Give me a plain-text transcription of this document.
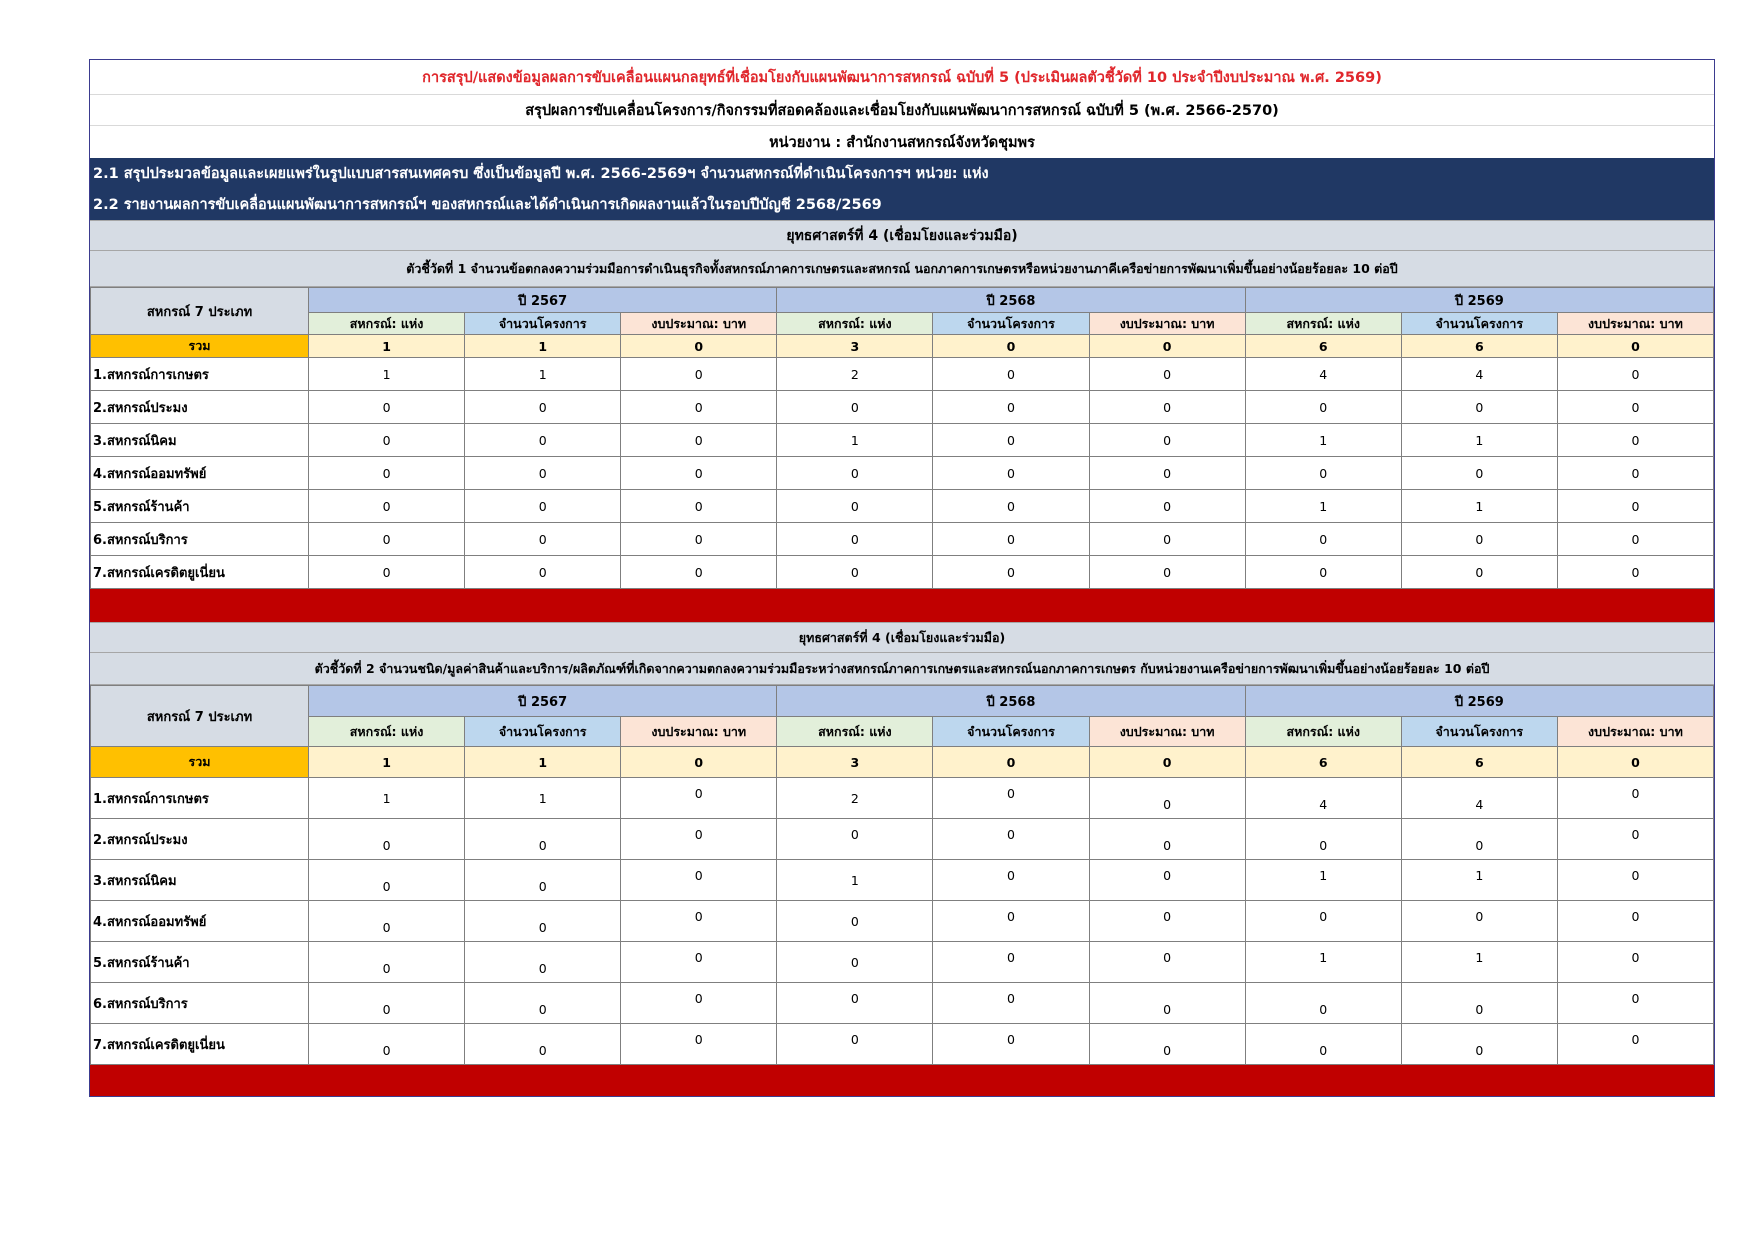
การสรุป/แสดงข้อมูลผลการขับเคลื่อนแผนกลยุทธ์ที่เชื่อมโยงกับแผนพัฒนาการสหกรณ์ ฉบับที่ 5 (ประเมินผลตัวชี้วัดที่ 10 ประจำปีงบประมาณ พ.ศ. 2569)
สรุปผลการขับเคลื่อนโครงการ/กิจกรรมที่สอดคล้องและเชื่อมโยงกับแผนพัฒนาการสหกรณ์ ฉบับที่ 5 (พ.ศ. 2566-2570)
หน่วยงาน : สำนักงานสหกรณ์จังหวัดชุมพร
2.1 สรุปประมวลข้อมูลและเผยแพร่ในรูปแบบสารสนเทศครบ ซึ่งเป็นข้อมูลปี พ.ศ. 2566-2569ฯ จำนวนสหกรณ์ที่ดำเนินโครงการฯ หน่วย: แห่ง
2.2 รายงานผลการขับเคลื่อนแผนพัฒนาการสหกรณ์ฯ ของสหกรณ์และได้ดำเนินการเกิดผลงานแล้วในรอบปีบัญชี 2568/2569
ยุทธศาสตร์ที่ 4 (เชื่อมโยงและร่วมมือ)
ตัวชี้วัดที่ 1 จำนวนข้อตกลงความร่วมมือการดำเนินธุรกิจทั้งสหกรณ์ภาคการเกษตรและสหกรณ์ นอกภาคการเกษตรหรือหน่วยงานภาคีเครือข่ายการพัฒนาเพิ่มขึ้นอย่างน้อยร้อยละ 10 ต่อปี
สหกรณ์ 7 ประเภท	ปี 2567			ปี 2568			ปี 2569		
	สหกรณ์: แห่ง	จำนวนโครงการ	งบประมาณ: บาท	สหกรณ์: แห่ง	จำนวนโครงการ	งบประมาณ: บาท	สหกรณ์: แห่ง	จำนวนโครงการ	งบประมาณ: บาท
รวม	1	1	0	3	0	0	6	6	0
1.สหกรณ์การเกษตร	1	1	0	2	0	0	4	4	0
2.สหกรณ์ประมง	0	0	0	0	0	0	0	0	0
3.สหกรณ์นิคม	0	0	0	1	0	0	1	1	0
4.สหกรณ์ออมทรัพย์	0	0	0	0	0	0	0	0	0
5.สหกรณ์ร้านค้า	0	0	0	0	0	0	1	1	0
6.สหกรณ์บริการ	0	0	0	0	0	0	0	0	0
7.สหกรณ์เครดิตยูเนี่ยน	0	0	0	0	0	0	0	0	0
ยุทธศาสตร์ที่ 4 (เชื่อมโยงและร่วมมือ)
ตัวชี้วัดที่ 2 จำนวนชนิด/มูลค่าสินค้าและบริการ/ผลิตภัณฑ์ที่เกิดจากความตกลงความร่วมมือระหว่างสหกรณ์ภาคการเกษตรและสหกรณ์นอกภาคการเกษตร กับหน่วยงานเครือข่ายการพัฒนาเพิ่มขึ้นอย่างน้อยร้อยละ 10 ต่อปี
สหกรณ์ 7 ประเภท	ปี 2567			ปี 2568			ปี 2569		
	สหกรณ์: แห่ง	จำนวนโครงการ	งบประมาณ: บาท	สหกรณ์: แห่ง	จำนวนโครงการ	งบประมาณ: บาท	สหกรณ์: แห่ง	จำนวนโครงการ	งบประมาณ: บาท
รวม	1	1	0	3	0	0	6	6	0
1.สหกรณ์การเกษตร	1	1	0	2	0	0	4	4	0
2.สหกรณ์ประมง	0	0	0	0	0	0	0	0	0
3.สหกรณ์นิคม	0	0	0	1	0	0	1	1	0
4.สหกรณ์ออมทรัพย์	0	0	0	0	0	0	0	0	0
5.สหกรณ์ร้านค้า	0	0	0	0	0	0	1	1	0
6.สหกรณ์บริการ	0	0	0	0	0	0	0	0	0
7.สหกรณ์เครดิตยูเนี่ยน	0	0	0	0	0	0	0	0	0
